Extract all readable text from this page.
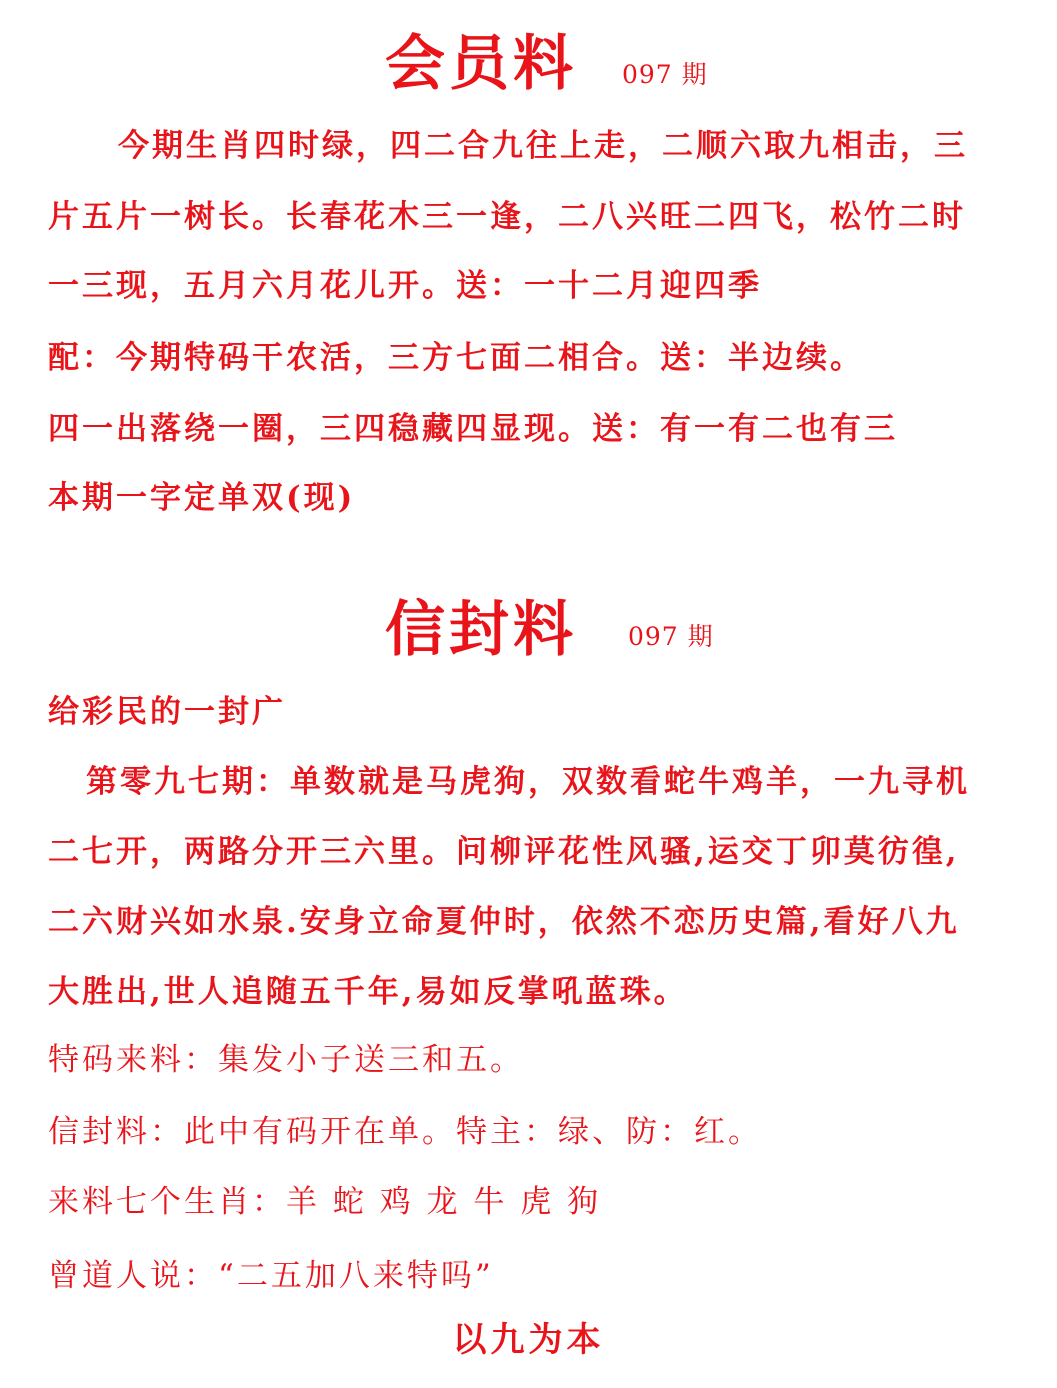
会员料 097 期
今期生肖四时绿，四二合九往上走，二顺六取九相击，三
片五片一树长。长春花木三一逢，二八兴旺二四飞，松竹二时
一三现，五月六月花儿开。送：一十二月迎四季
配：今期特码干农活，三方七面二相合。送：半边续。
四一出落绕一圈，三四稳藏四显现。送：有一有二也有三
本期一字定单双(现)
信封料 097 期
给彩民的一封广
第零九七期：单数就是马虎狗，双数看蛇牛鸡羊，一九寻机
二七开，两路分开三六里。问柳评花性风骚,运交丁卯莫彷徨,
二六财兴如水泉.安身立命夏仲时，依然不恋历史篇,看好八九
大胜出,世人追随五千年,易如反掌吼蓝珠。
特码来料：集发小子送三和五。
信封料：此中有码开在单。特主：绿、防：红。
来料七个生肖：羊 蛇 鸡 龙 牛 虎 狗
曾道人说：“二五加八来特吗”
以九为本
